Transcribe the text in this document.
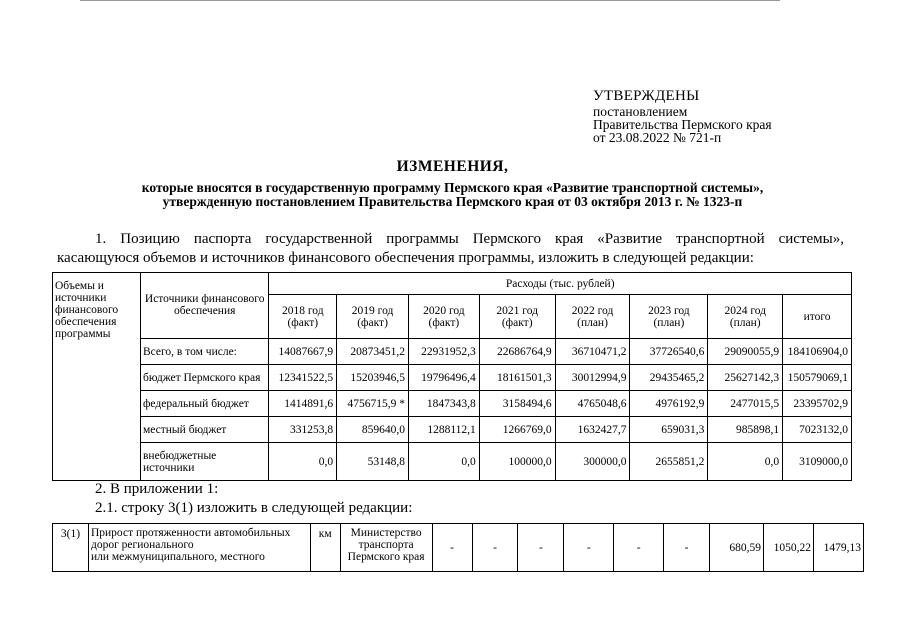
УТВЕРЖДЕНЫ
постановлением
Правительства Пермского края
от 23.08.2022 № 721-п
ИЗМЕНЕНИЯ,
которые вносятся в государственную программу Пермского края «Развитие транспортной системы»,
утвержденную постановлением Правительства Пермского края от 03 октября 2013 г. № 1323-п
1. Позицию паспорта государственной программы Пермского края «Развитие транспортной системы»,
касающуюся объемов и источников финансового обеспечения программы, изложить в следующей редакции:
Объемы и источники финансового обеспечения программы	Источники финансового обеспечения	Расходы (тыс. рублей)							
		2018 год (факт)	2019 год (факт)	2020 год (факт)	2021 год (факт)	2022 год (план)	2023 год (план)	2024 год (план)	итого
	Всего, в том числе:	14087667,9	20873451,2	22931952,3	22686764,9	36710471,2	37726540,6	29090055,9	184106904,0
	бюджет Пермского края	12341522,5	15203946,5	19796496,4	18161501,3	30012994,9	29435465,2	25627142,3	150579069,1
	федеральный бюджет	1414891,6	4756715,9 *	1847343,8	3158494,6	4765048,6	4976192,9	2477015,5	23395702,9
	местный бюджет	331253,8	859640,0	1288112,1	1266769,0	1632427,7	659031,3	985898,1	7023132,0
	внебюджетные источники	0,0	53148,8	0,0	100000,0	300000,0	2655851,2	0,0	3109000,0
2. В приложении 1:
2.1. строку 3(1) изложить в следующей редакции:
3(1)	Прирост протяженности автомобильных
дорог регионального
или межмуниципального, местного
	км	Министерство
транспорта
Пермского края
	-	-	-	-	-	-	680,59	1050,22	1479,13
